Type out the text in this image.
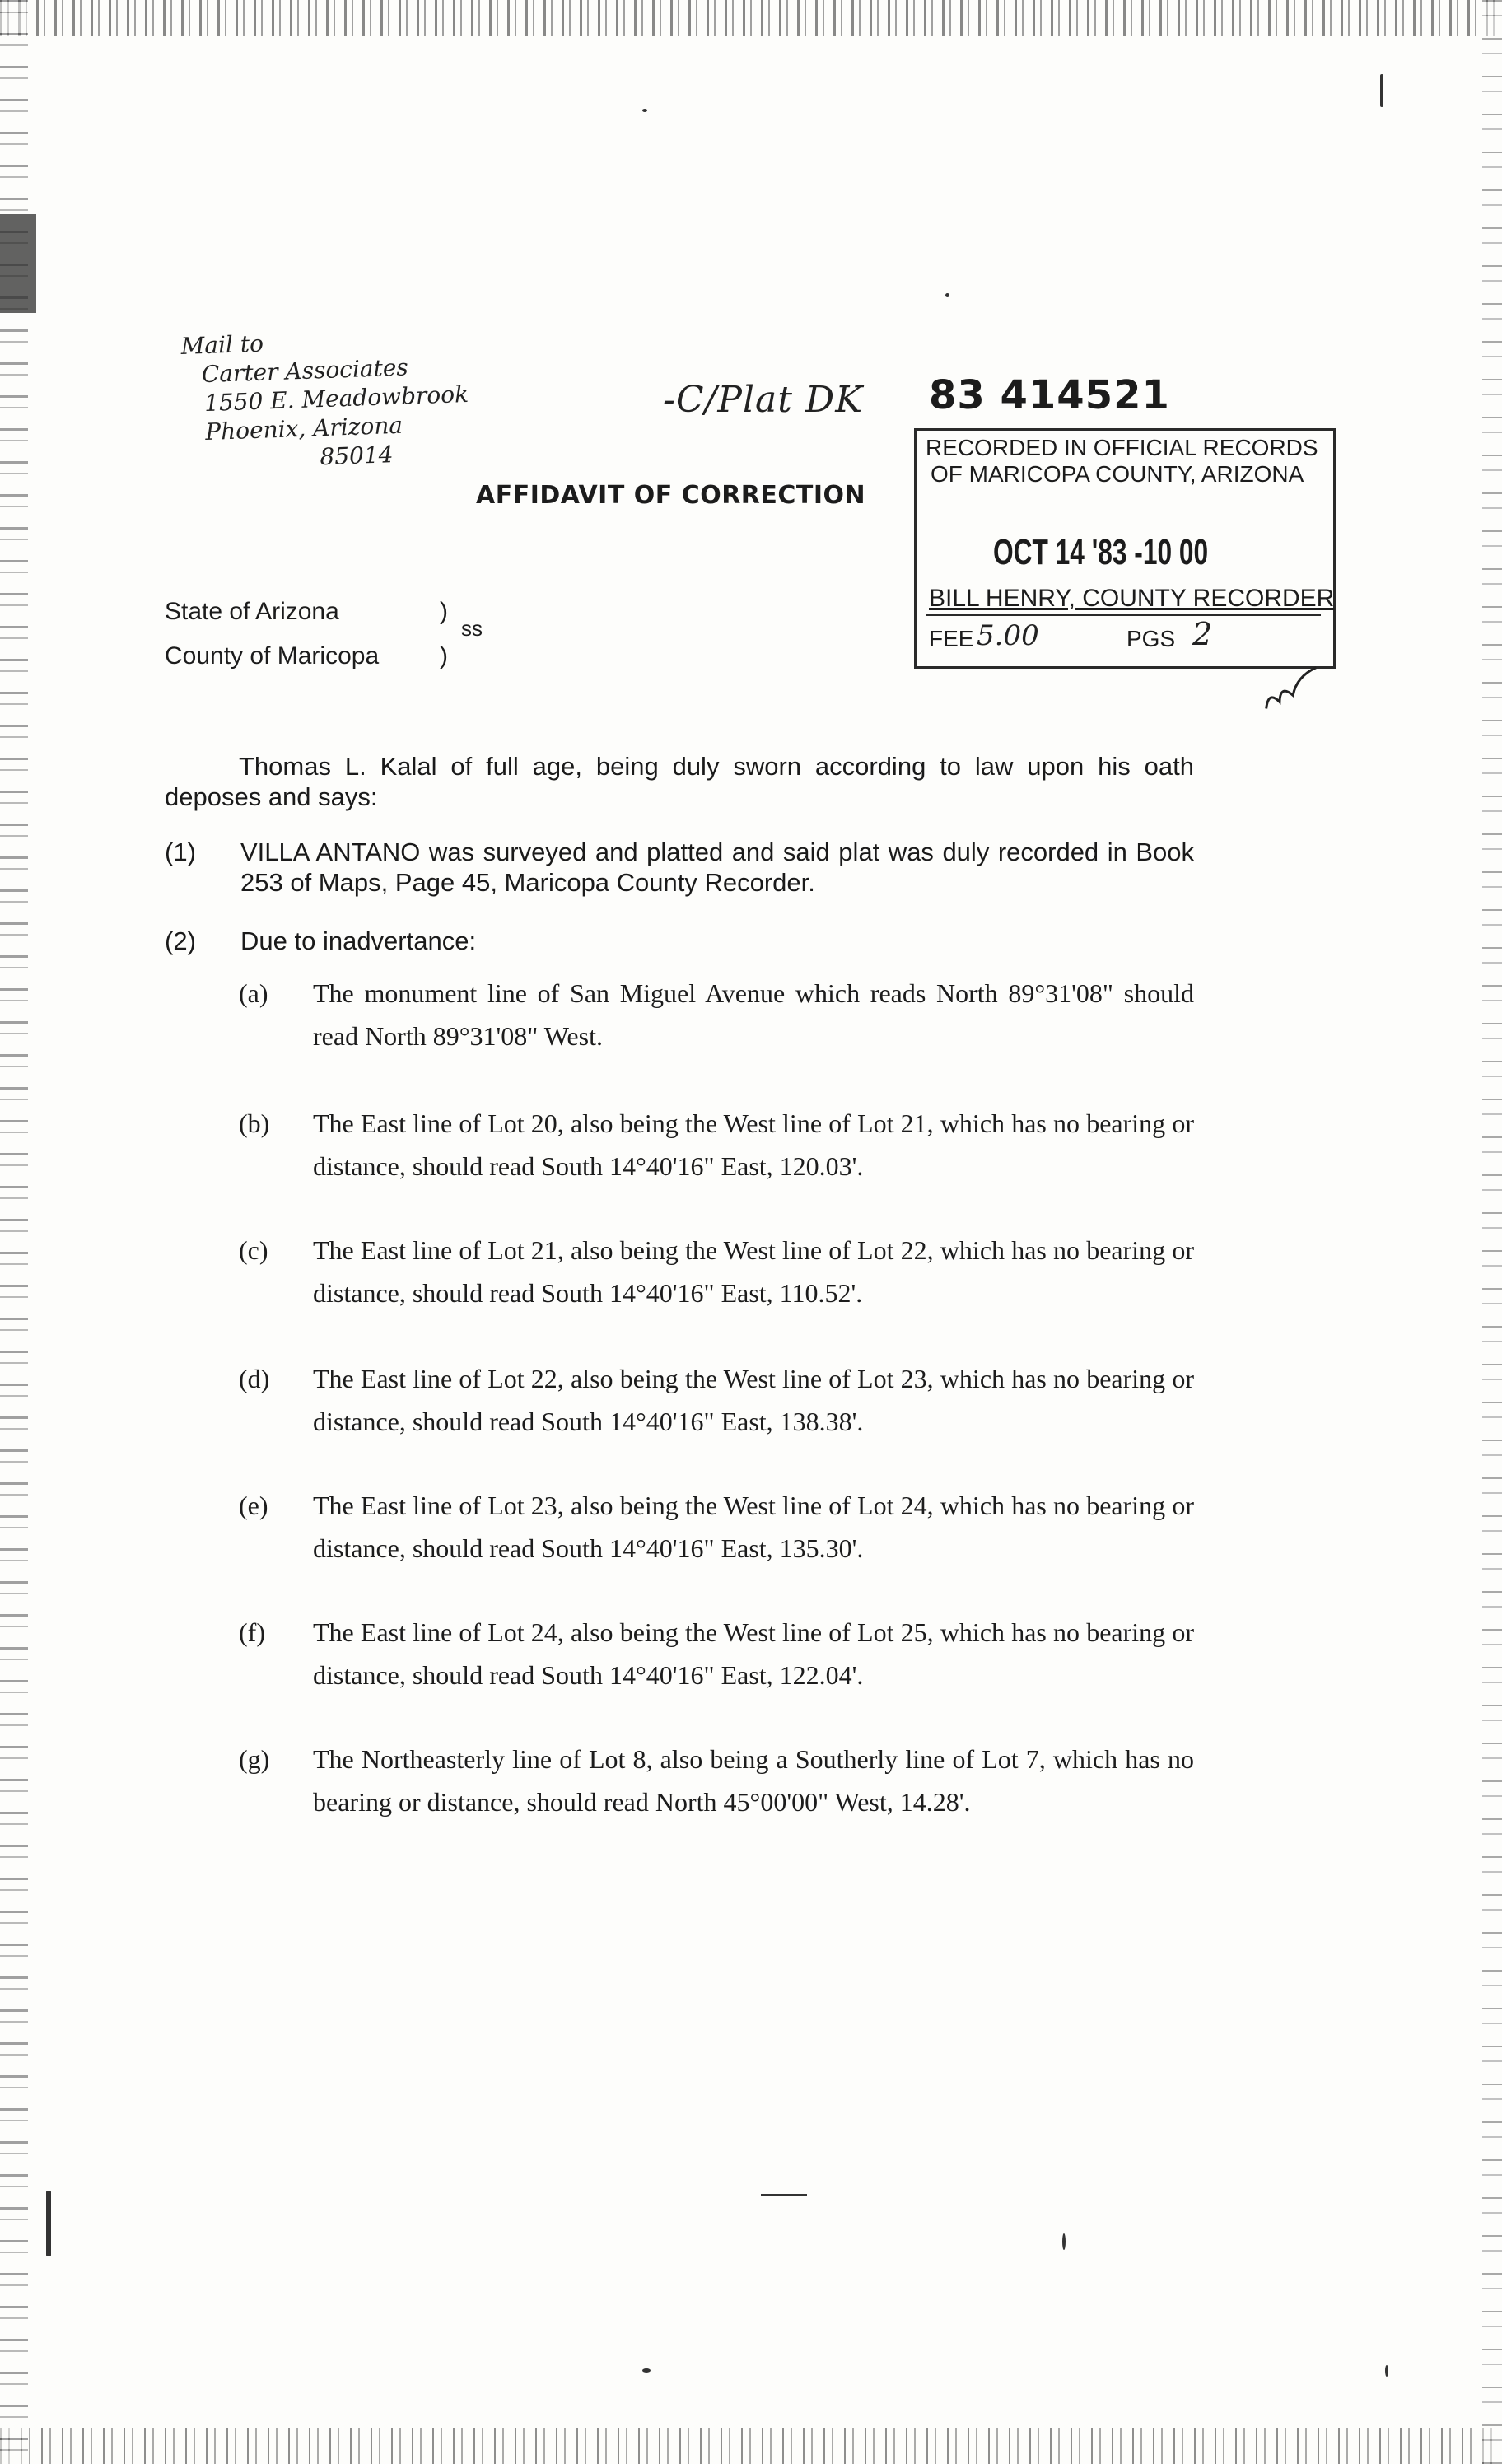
Mail to
Carter Associates
1550 E. Meadowbrook
Phoenix, Arizona
85014
-C/Plat DK
AFFIDAVIT OF CORRECTION
83 414521
RECORDED IN OFFICIAL RECORDS
OF MARICOPA COUNTY, ARIZONA
OCT 14 '83 -10 00
BILL HENRY, COUNTY RECORDER
FEE 5.00	PGS 2
State of Arizona
County of Maricopa
)
)
ss
Thomas L. Kalal of full age, being duly sworn according to law upon his oath deposes and says:
(1) VILLA ANTANO was surveyed and platted and said plat was duly recorded in Book 253 of Maps, Page 45, Maricopa County Recorder.
(2) Due to inadvertance:
(a) The monument line of San Miguel Avenue which reads North 89°31'08" should read North 89°31'08" West.
(b) The East line of Lot 20, also being the West line of Lot 21, which has no bearing or distance, should read South 14°40'16" East, 120.03'.
(c) The East line of Lot 21, also being the West line of Lot 22, which has no bearing or distance, should read South 14°40'16" East, 110.52'.
(d) The East line of Lot 22, also being the West line of Lot 23, which has no bearing or distance, should read South 14°40'16" East, 138.38'.
(e) The East line of Lot 23, also being the West line of Lot 24, which has no bearing or distance, should read South 14°40'16" East, 135.30'.
(f) The East line of Lot 24, also being the West line of Lot 25, which has no bearing or distance, should read South 14°40'16" East, 122.04'.
(g) The Northeasterly line of Lot 8, also being a Southerly line of Lot 7, which has no bearing or distance, should read North 45°00'00" West, 14.28'.
